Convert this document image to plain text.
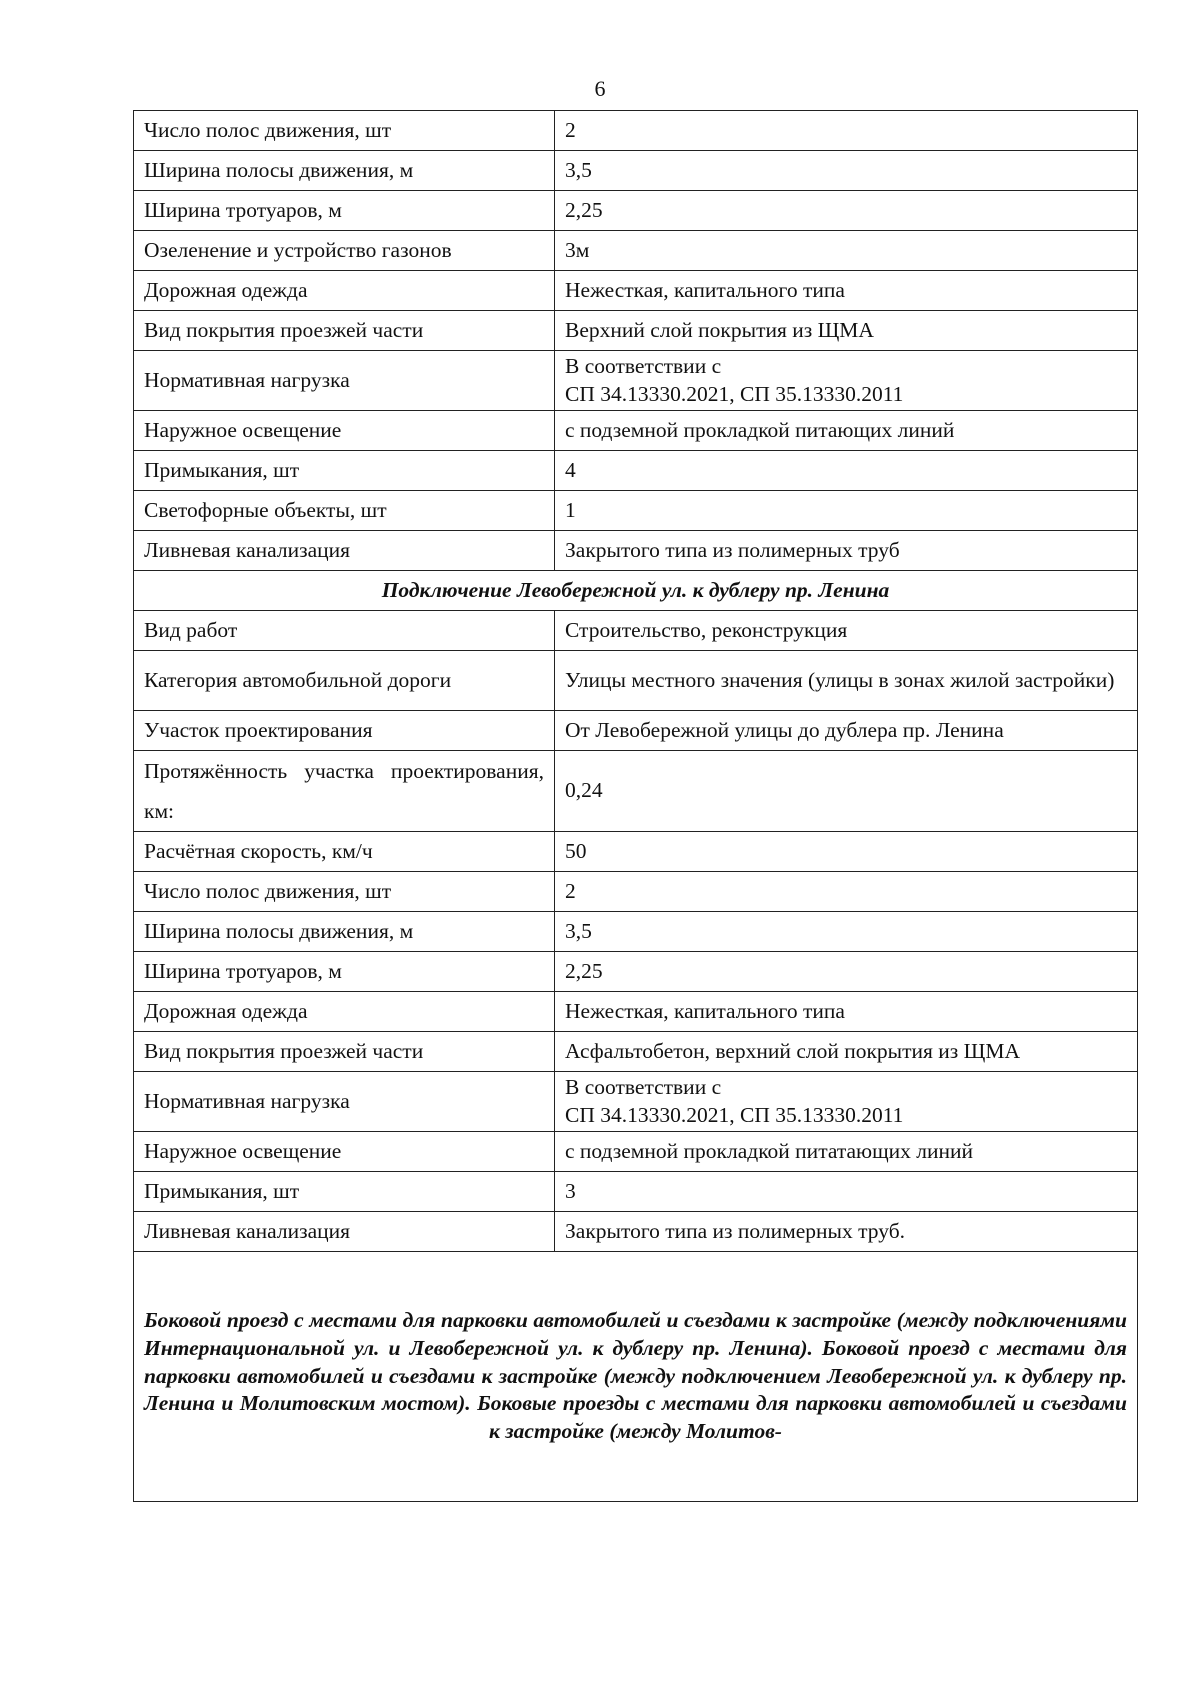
6
Число полос движения, шт	2
Ширина полосы движения, м	3,5
Ширина тротуаров, м	2,25
Озеленение и устройство газонов	3м
Дорожная одежда	Нежесткая, капитального типа
Вид покрытия проезжей части	Верхний слой покрытия из ЩМА
Нормативная нагрузка	В соответствии с
СП 34.13330.2021, СП 35.13330.2011

Наружное освещение	с подземной прокладкой питающих линий
Примыкания, шт	4
Светофорные объекты, шт	1
Ливневая канализация	Закрытого типа из полимерных труб
Подключение Левобережной ул. к дублеру пр. Ленина	
Вид работ	Строительство, реконструкция
Категория автомобильной дороги	Улицы местного значения (улицы в зонах жилой застройки)
Участок проектирования	От Левобережной улицы до дублера пр. Ленина
Протяжённость участка проектирования, км:	0,24
Расчётная скорость, км/ч	50
Число полос движения, шт	2
Ширина полосы движения, м	3,5
Ширина тротуаров, м	2,25
Дорожная одежда	Нежесткая, капитального типа
Вид покрытия проезжей части	Асфальтобетон, верхний слой покрытия из ЩМА
Нормативная нагрузка	В соответствии с
СП 34.13330.2021, СП 35.13330.2011

Наружное освещение	с подземной прокладкой питатающих линий
Примыкания, шт	3
Ливневая канализация	Закрытого типа из полимерных труб.
Боковой проезд с местами для парковки автомобилей и съездами к застройке (между подключениями Интернациональной ул. и Левобережной ул. к дублеру пр. Ленина). Боковой проезд с местами для парковки автомобилей и съездами к застройке (между подключением Левобережной ул. к дублеру пр. Ленина и Молитовским мостом). Боковые проезды с местами для парковки автомобилей и съездами к застройке (между Молитов-	
